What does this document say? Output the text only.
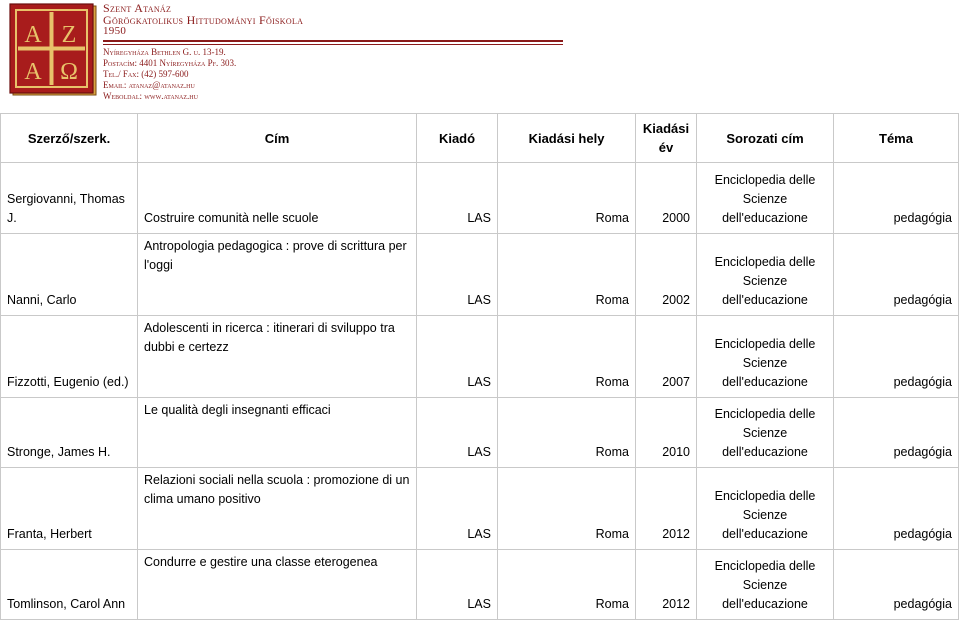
A Z
A Ω
Szent Atanáz
Görögkatolikus Hittudományi Főiskola
1950
Nyíregyháza Bethlen G. u. 13-19.
Postacím: 4401 Nyíregyháza Pf. 303.
Tel./ Fax: (42) 597-600
Email: atanaz@atanaz.hu
Weboldal: www.atanaz.hu
Szerző/szerk.	Cím	Kiadó	Kiadási hely	Kiadási év	Sorozati cím	Téma
Sergiovanni, Thomas J.	Costruire comunità nelle scuole	LAS	Roma	2000	Enciclopedia delle Scienze dell'educazione	pedagógia
Nanni, Carlo	Antropologia pedagogica : prove di scrittura per l'oggi	LAS	Roma	2002	Enciclopedia delle Scienze dell'educazione	pedagógia
Fizzotti, Eugenio (ed.)	Adolescenti in ricerca : itinerari di sviluppo tra dubbi e certezz	LAS	Roma	2007	Enciclopedia delle Scienze dell'educazione	pedagógia
Stronge, James H.	Le qualità degli insegnanti efficaci	LAS	Roma	2010	Enciclopedia delle Scienze dell'educazione	pedagógia
Franta, Herbert	Relazioni sociali nella scuola : promozione di un clima umano positivo	LAS	Roma	2012	Enciclopedia delle Scienze dell'educazione	pedagógia
Tomlinson, Carol Ann	Condurre e gestire una classe eterogenea	LAS	Roma	2012	Enciclopedia delle Scienze dell'educazione	pedagógia
